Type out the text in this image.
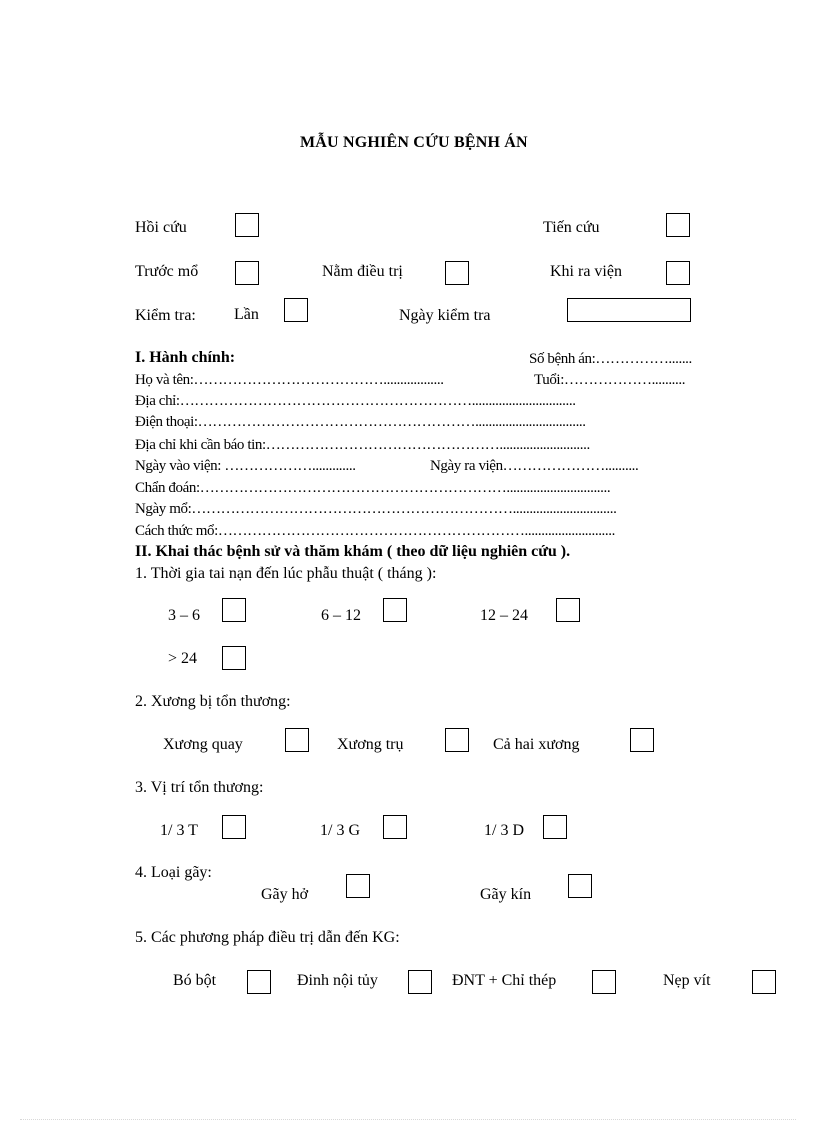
MẪU NGHIÊN CỨU BỆNH ÁN
Hồi cứu	Tiến cứu
Trước mổ	Nằm điều trị	Khi ra viện
Kiểm tra: Lần	Ngày kiểm tra
I. Hành chính:	Số bệnh án:…………….......
Họ và tên:…………………………………..................	Tuổi:………………..........
Địa chỉ:……………………………………………………...............................
Điện thoại:………………………………………………….................................
Địa chỉ khi cần báo tin:…………………………………………...........................
Ngày vào viện: ……………….............	Ngày ra viện…………………..........
Chẩn đoán:………………………………………………………...............................
Ngày mổ:…………………………………………………………...............................
Cách thức mổ:………………………………………………………...........................
II. Khai thác bệnh sử và thăm khám ( theo dữ liệu nghiên cứu ).
1. Thời gia tai nạn đến lúc phẫu thuật ( tháng ):
3 – 6	6 – 12	12 – 24
> 24
2. Xương bị tổn thương:
Xương quay	Xương trụ	Cả hai xương
3. Vị trí tổn thương:
1/ 3 T	1/ 3 G	1/ 3 D
4. Loại gãy:
Gãy hở	Gãy kín
5. Các phương pháp điều trị dẫn đến KG:
Bó bột	Đinh nội tủy	ĐNT + Chỉ thép	Nẹp vít
